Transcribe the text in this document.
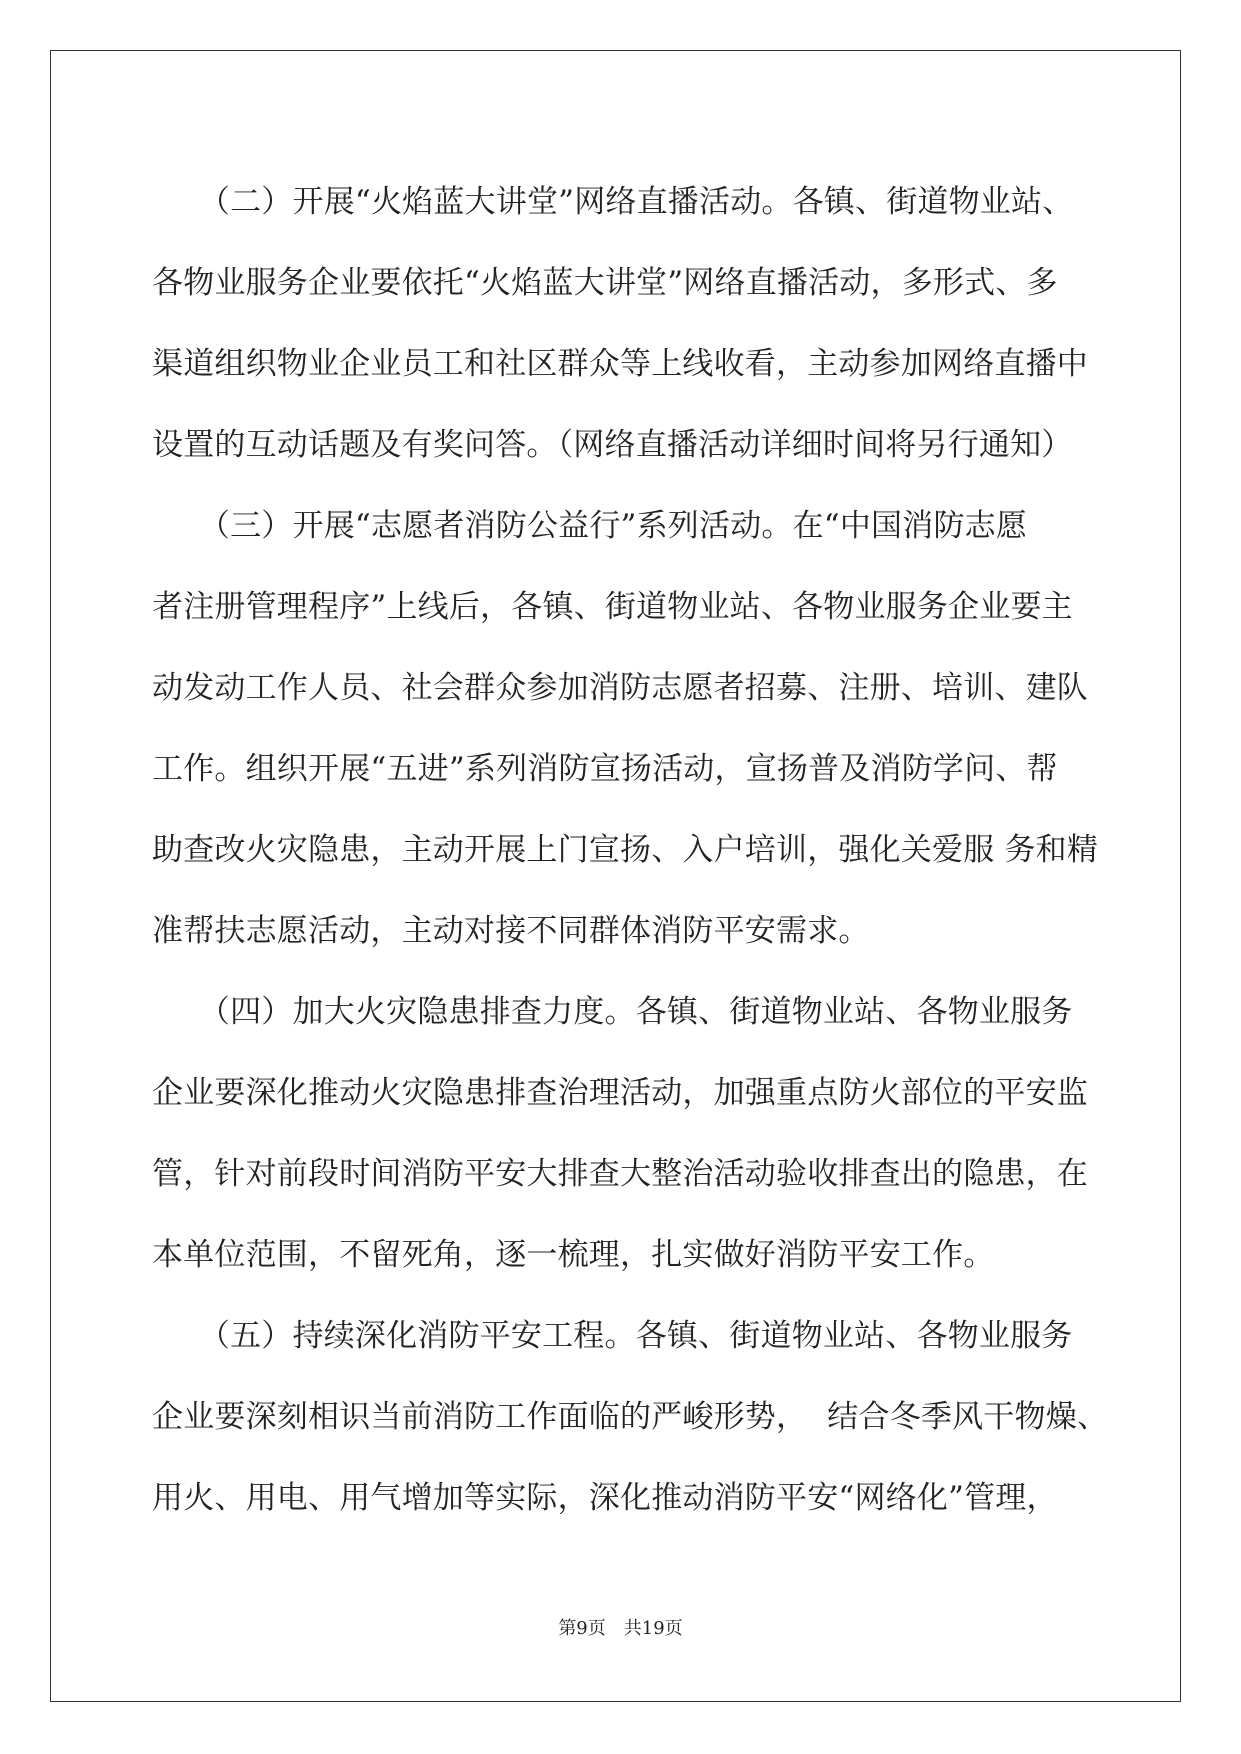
　　（二）开展“火焰蓝大讲堂”网络直播活动。各镇、街道物业站、
各物业服务企业要依托“火焰蓝大讲堂”网络直播活动，多形式、多
渠道组织物业企业员工和社区群众等上线收看，主动参加网络直播中
设置的互动话题及有奖问答。（网络直播活动详细时间将另行通知）
　　（三）开展“志愿者消防公益行”系列活动。在“中国消防志愿
者注册管理程序”上线后，各镇、街道物业站、各物业服务企业要主
动发动工作人员、社会群众参加消防志愿者招募、注册、培训、建队
工作。组织开展“五进”系列消防宣扬活动，宣扬普及消防学问、帮
助查改火灾隐患，主动开展上门宣扬、入户培训，强化关爱服 务和精
准帮扶志愿活动，主动对接不同群体消防平安需求。
　　（四）加大火灾隐患排查力度。各镇、街道物业站、各物业服务
企业要深化推动火灾隐患排查治理活动，加强重点防火部位的平安监
管，针对前段时间消防平安大排查大整治活动验收排查出的隐患，在
本单位范围，不留死角，逐一梳理，扎实做好消防平安工作。
　　（五）持续深化消防平安工程。各镇、街道物业站、各物业服务
企业要深刻相识当前消防工作面临的严峻形势，  结合冬季风干物燥、
用火、用电、用气增加等实际，深化推动消防平安“网络化”管理，
第9页　共19页
